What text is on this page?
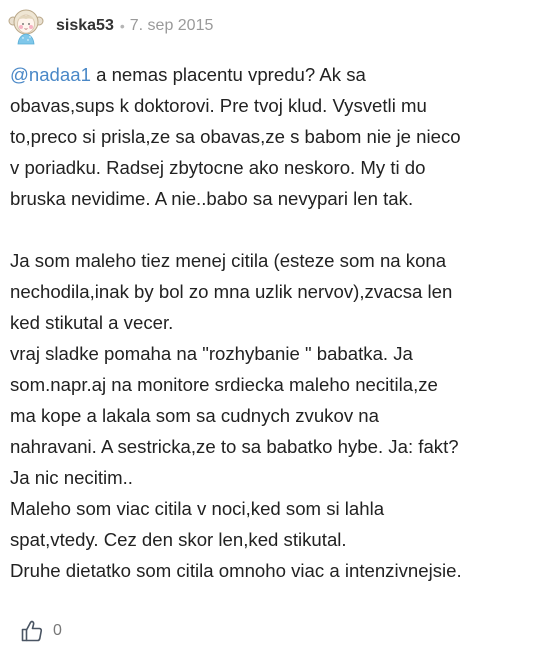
siska53 • 7. sep 2015

@nadaa1 a nemas placentu vpredu? Ak sa
obavas,sups k doktorovi. Pre tvoj klud. Vysvetli mu
to,preco si prisla,ze sa obavas,ze s babom nie je nieco
v poriadku. Radsej zbytocne ako neskoro. My ti do
bruska nevidime. A nie..babo sa nevypari len tak.

Ja som maleho tiez menej citila (esteze som na kona
nechodila,inak by bol zo mna uzlik nervov),zvacsa len
ked stikutal a vecer.
vraj sladke pomaha na "rozhybanie " babatka. Ja
som.napr.aj na monitore srdiecka maleho necitila,ze
ma kope a lakala som sa cudnych zvukov na
nahravani. A sestricka,ze to sa babatko hybe. Ja: fakt?
Ja nic necitim..
Maleho som viac citila v noci,ked som si lahla
spat,vtedy. Cez den skor len,ked stikutal.
Druhe dietatko som citila omnoho viac a intenzivnejsie.

0
